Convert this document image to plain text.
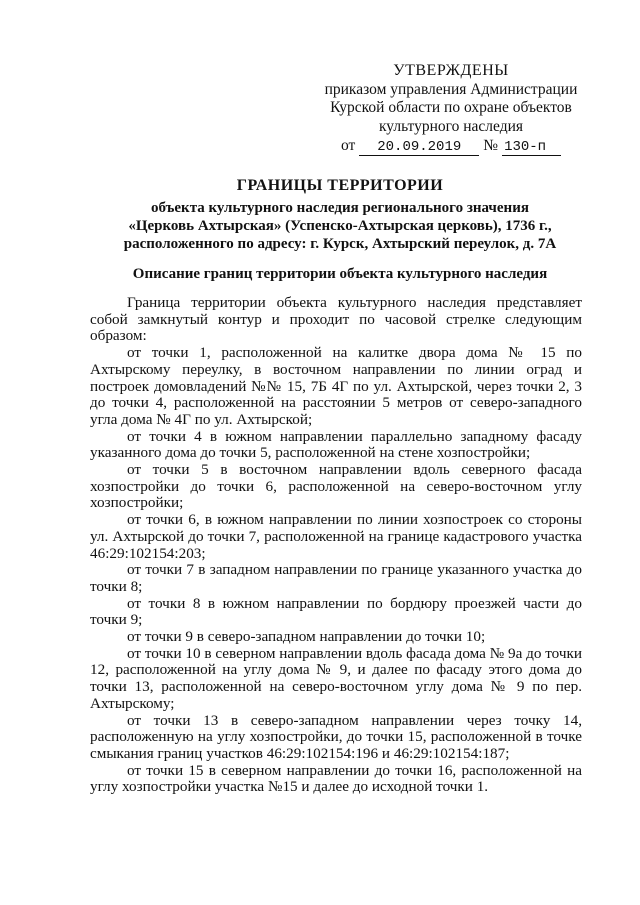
УТВЕРЖДЕНЫ
приказом управления Администрации
Курской области по охране объектов
культурного наследия
от	20.09.2019	№ 130-п
ГРАНИЦЫ ТЕРРИТОРИИ
объекта культурного наследия регионального значения
«Церковь Ахтырская» (Успенско-Ахтырская церковь), 1736 г.,
расположенного по адресу: г. Курск, Ахтырский переулок, д. 7А
Описание границ территории объекта культурного наследия

Граница территории объекта культурного наследия представляет собой замкнутый контур и проходит по часовой стрелке следующим образом:

от точки 1, расположенной на калитке двора дома № 15 по Ахтырскому переулку, в восточном направлении по линии оград и построек домовладений №№ 15, 7Б 4Г по ул. Ахтырской, через точки 2, 3 до точки 4, расположенной на расстоянии 5 метров от северо-западного угла дома № 4Г по ул. Ахтырской;

от точки 4 в южном направлении параллельно западному фасаду указанного дома до точки 5, расположенной на стене хозпостройки;

от точки 5 в восточном направлении вдоль северного фасада хозпостройки до точки 6, расположенной на северо-восточном углу хозпостройки;

от точки 6, в южном направлении по линии хозпостроек со стороны ул. Ахтырской до точки 7, расположенной на границе кадастрового участка 46:29:102154:203;

от точки 7 в западном направлении по границе указанного участка до точки 8;

от точки 8 в южном направлении по бордюру проезжей части до точки 9;

от точки 9 в северо-западном направлении до точки 10;

от точки 10 в северном направлении вдоль фасада дома № 9а до точки 12, расположенной на углу дома № 9, и далее по фасаду этого дома до точки 13, расположенной на северо-восточном углу дома № 9 по пер. Ахтырскому;

от точки 13 в северо-западном направлении через точку 14, расположенную на углу хозпостройки, до точки 15, расположенной в точке смыкания границ участков 46:29:102154:196 и 46:29:102154:187;

от точки 15 в северном направлении до точки 16, расположенной на углу хозпостройки участка №15 и далее до исходной точки 1.
